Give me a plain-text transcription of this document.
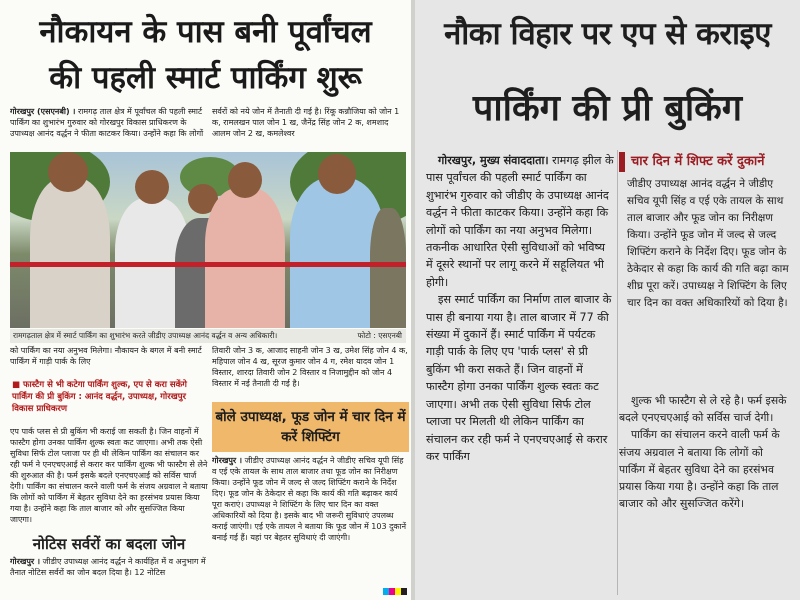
नौकायन के पास बनी पूर्वांचल
की पहली स्मार्ट पार्किंग शुरू
गोरखपुर (एसएनबी) । रामगढ़ ताल क्षेत्र में पूर्वांचल की पहली स्मार्ट पार्किंग का शुभारंभ गुरुवार को गोरखपुर विकास प्राधिकरण के उपाध्यक्ष आनंद वर्द्धन ने फीता काटकर किया। उन्होंने कहा कि लोगों
सर्वरों को नये जोन में तैनाती दी गई है। रिंकू कन्नौजिया को जोन 1 क, रामलखन पाल जोन 1 ख, जैनेंद्र सिंह जोन 2 क, शमशाद आलम जोन 2 ख, कमलेश्वर
रामगढ़ताल क्षेत्र में स्मार्ट पार्किंग का शुभारंभ करते जीडीए उपाध्यक्ष आनंद वर्द्धन व अन्य अधिकारी।	फोटो : एसएनबी
को पार्किंग का नया अनुभव मिलेगा। नौकायन के बगल में बनी स्मार्ट पार्किंग में गाड़ी पार्क के लिए
तिवारी जोन 3 क, आजाद साहनी जोन 3 ख, उमेश सिंह जोन 4 क, महिपाल जोन 4 ख, सूरज कुमार जोन 4 ग, रमेश यादव जोन 1 विस्तार, शारदा तिवारी जोन 2 विस्तार व निजामुद्दीन को जोन 4 विस्तार में नई तैनाती दी गई है।
■ फास्टैग से भी कटेगा पार्किंग शुल्क, एप से करा सकेंगे पार्किंग की प्री बुकिंग : आनंद वर्द्धन, उपाध्यक्ष, गोरखपुर विकास प्राधिकरण
एप पार्क प्लस से प्री बुकिंग भी कराई जा सकती है। जिन वाहनों में फास्टैग होगा उनका पार्किंग शुल्क स्वतः कट जाएगा। अभी तक ऐसी सुविधा सिर्फ टोल प्लाजा पर ही थी लेकिन पार्किंग का संचालन कर रही फर्म ने एनएचएआई से करार कर पार्किंग शुल्क भी फास्टैग से लेने की शुरुआत की है। फर्म इसके बदले एनएचएआई को सर्विस चार्ज देगी। पार्किंग का संचालन करने वाली फर्म के संजय अग्रवाल ने बताया कि लोगों को पार्किंग में बेहतर सुविधा देने का हरसंभव प्रयास किया गया है। उन्होंने कहा कि ताल बाजार को और सुसज्जित किया जाएगा।
बोले उपाध्यक्ष, फूड जोन में चार दिन में करें शिफ्टिंग
गोरखपुर । जीडीए उपाध्यक्ष आनंद वर्द्धन ने जीडीए सचिव यूपी सिंह व एई एके तायल के साथ ताल बाजार तथा फूड जोन का निरीक्षण किया। उन्होंने फूड जोन में जल्द से जल्द शिफ्टिंग कराने के निर्देश दिए। फूड जोन के ठेकेदार से कहा कि कार्य की गति बढ़ाकर कार्य पूरा कराएं। उपाध्यक्ष ने शिफ्टिंग के लिए चार दिन का वक्त अधिकारियों को दिया है। इसके बाद भी जरूरी सुविधाएं उपलब्ध कराई जाएंगी। एई एके तायल ने बताया कि फूड जोन में 103 दुकानें बनाई गई हैं। यहां पर बेहतर सुविधाएं दी जाएंगी।
नोटिस सर्वरों का बदला जोन
गोरखपुर । जीडीए उपाध्यक्ष आनंद वर्द्धन ने कार्यहित में व अनुभाग में तैनात नोटिस सर्वरों का जोन बदल दिया है। 12 नोटिस
नौका विहार पर एप से कराइए
पार्किंग की प्री बुकिंग

गोरखपुर, मुख्य संवाददाता। रामगढ़ झील के पास पूर्वांचल की पहली स्मार्ट पार्किंग का शुभारंभ गुरुवार को जीडीए के उपाध्यक्ष आनंद वर्द्धन ने फीता काटकर किया। उन्होंने कहा कि लोगों को पार्किंग का नया अनुभव मिलेगा। तकनीक आधारित ऐसी सुविधाओं को भविष्य में दूसरे स्थानों पर लागू करने में सहूलियत भी होगी।

इस स्मार्ट पार्किंग का निर्माण ताल बाजार के पास ही बनाया गया है। ताल बाजार में 77 की संख्या में दुकानें हैं। स्मार्ट पार्किंग में पर्यटक गाड़ी पार्क के लिए एप 'पार्क प्लस' से प्री बुकिंग भी करा सकते हैं। जिन वाहनों में फास्टैग होगा उनका पार्किंग शुल्क स्वतः कट जाएगा। अभी तक ऐसी सुविधा सिर्फ टोल प्लाजा पर मिलती थी लेकिन पार्किंग का संचालन कर रही फर्म ने एनएचएआई से करार कर पार्किंग

चार दिन में शिफ्ट करें दुकानें
जीडीए उपाध्यक्ष आनंद वर्द्धन ने जीडीए सचिव यूपी सिंह व एई एके तायल के साथ ताल बाजार और फूड जोन का निरीक्षण किया। उन्होंने फूड जोन में जल्द से जल्द शिफ्टिंग कराने के निर्देश दिए। फूड जोन के ठेकेदार से कहा कि कार्य की गति बढ़ा काम शीघ्र पूरा करें। उपाध्यक्ष ने शिफ्टिंग के लिए चार दिन का वक्त अधिकारियों को दिया है।

शुल्क भी फास्टैग से ले रहे है। फर्म इसके बदले एनएचएआई को सर्विस चार्ज देगी।

पार्किंग का संचालन करने वाली फर्म के संजय अग्रवाल ने बताया कि लोगों को पार्किंग में बेहतर सुविधा देने का हरसंभव प्रयास किया गया है। उन्होंने कहा कि ताल बाजार को और सुसज्जित करेंगे।
